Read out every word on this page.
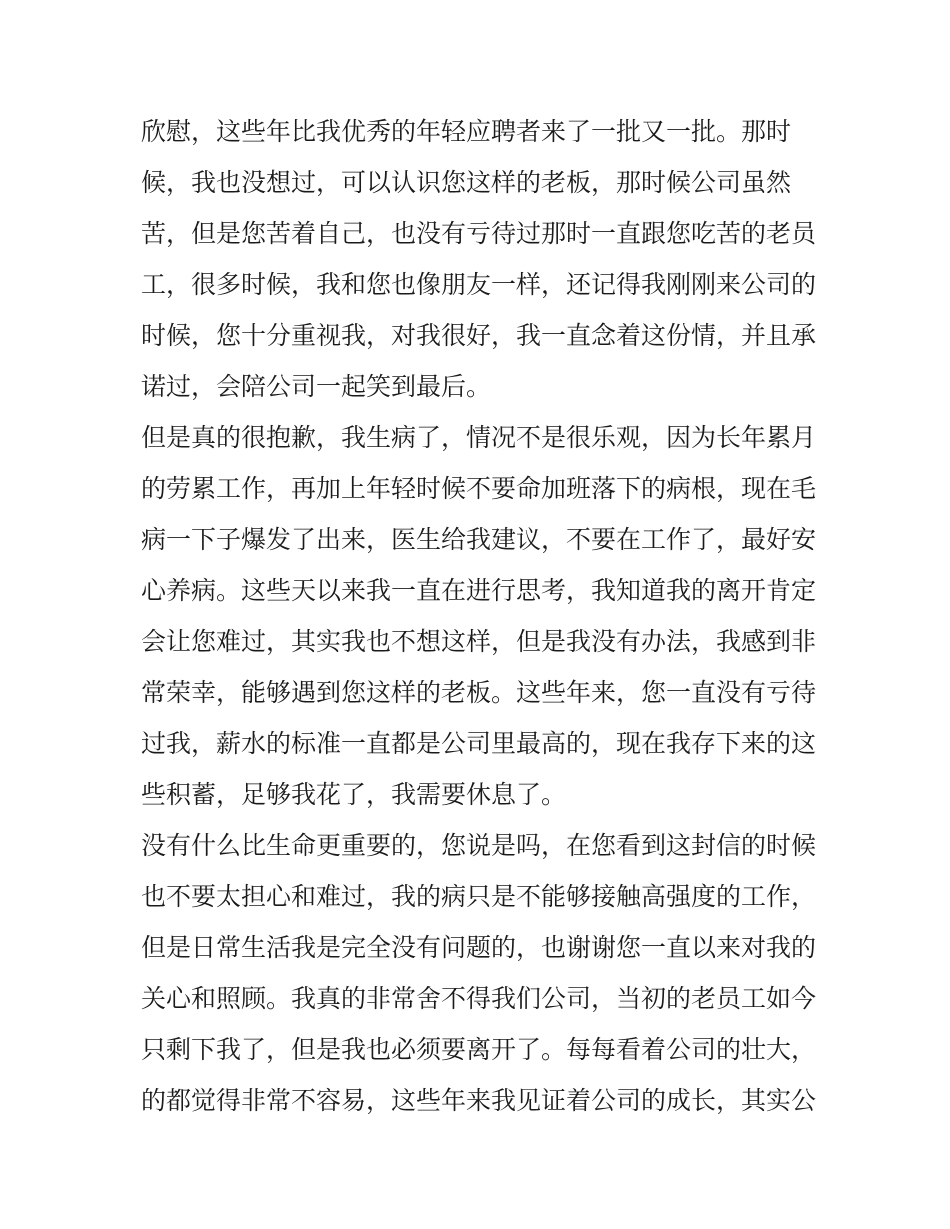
欣慰，这些年比我优秀的年轻应聘者来了一批又一批。那时
候，我也没想过，可以认识您这样的老板，那时候公司虽然
苦，但是您苦着自己，也没有亏待过那时一直跟您吃苦的老员
工，很多时候，我和您也像朋友一样，还记得我刚刚来公司的
时候，您十分重视我，对我很好，我一直念着这份情，并且承
诺过，会陪公司一起笑到最后。
但是真的很抱歉，我生病了，情况不是很乐观，因为长年累月
的劳累工作，再加上年轻时候不要命加班落下的病根，现在毛
病一下子爆发了出来，医生给我建议，不要在工作了，最好安
心养病。这些天以来我一直在进行思考，我知道我的离开肯定
会让您难过，其实我也不想这样，但是我没有办法，我感到非
常荣幸，能够遇到您这样的老板。这些年来，您一直没有亏待
过我，薪水的标准一直都是公司里最高的，现在我存下来的这
些积蓄，足够我花了，我需要休息了。
没有什么比生命更重要的，您说是吗，在您看到这封信的时候
也不要太担心和难过，我的病只是不能够接触高强度的工作，
但是日常生活我是完全没有问题的，也谢谢您一直以来对我的
关心和照顾。我真的非常舍不得我们公司，当初的老员工如今
只剩下我了，但是我也必须要离开了。每每看着公司的壮大，
的都觉得非常不容易，这些年来我见证着公司的成长，其实公
